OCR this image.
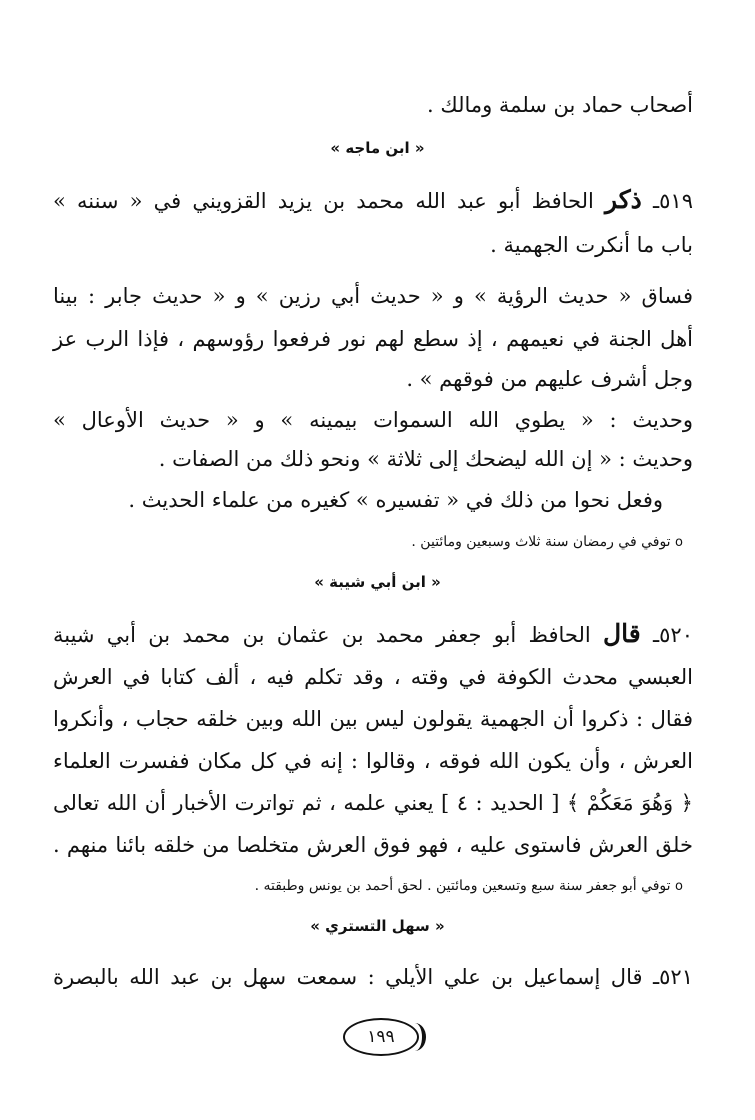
أصحاب حماد بن سلمة ومالك .
« ابن ماجه »
٥١٩ـ ذكر الحافظ أبو عبد الله محمد بن يزيد القزويني في « سننه »
باب ما أنكرت الجهمية .
فساق « حديث الرؤية » و « حديث أبي رزين » و « حديث جابر : بينا
أهل الجنة في نعيمهم ، إذ سطع لهم نور فرفعوا رؤوسهم ، فإذا الرب عز
وجل أشرف عليهم من فوقهم » .
وحديث : « يطوي الله السموات بيمينه » و « حديث الأوعال »
وحديث : « إن الله ليضحك إلى ثلاثة » ونحو ذلك من الصفات .
وفعل نحوا من ذلك في « تفسيره » كغيره من علماء الحديث .
o توفي في رمضان سنة ثلاث وسبعين ومائتين .
« ابن أبي شيبة »
٥٢٠ـ قال الحافظ أبو جعفر محمد بن عثمان بن محمد بن أبي شيبة
العبسي محدث الكوفة في وقته ، وقد تكلم فيه ، ألف كتابا في العرش
فقال : ذكروا أن الجهمية يقولون ليس بين الله وبين خلقه حجاب ، وأنكروا
العرش ، وأن يكون الله فوقه ، وقالوا : إنه في كل مكان ففسرت العلماء
﴿ وَهُوَ مَعَكُمْ ﴾ [ الحديد : ٤ ] يعني علمه ، ثم تواترت الأخبار أن الله تعالى
خلق العرش فاستوى عليه ، فهو فوق العرش متخلصا من خلقه بائنا منهم .
o توفي أبو جعفر سنة سبع وتسعين ومائتين . لحق أحمد بن يونس وطبقته .
« سهل التستري »
٥٢١ـ قال إسماعيل بن علي الأيلي : سمعت سهل بن عبد الله بالبصرة
١٩٩
